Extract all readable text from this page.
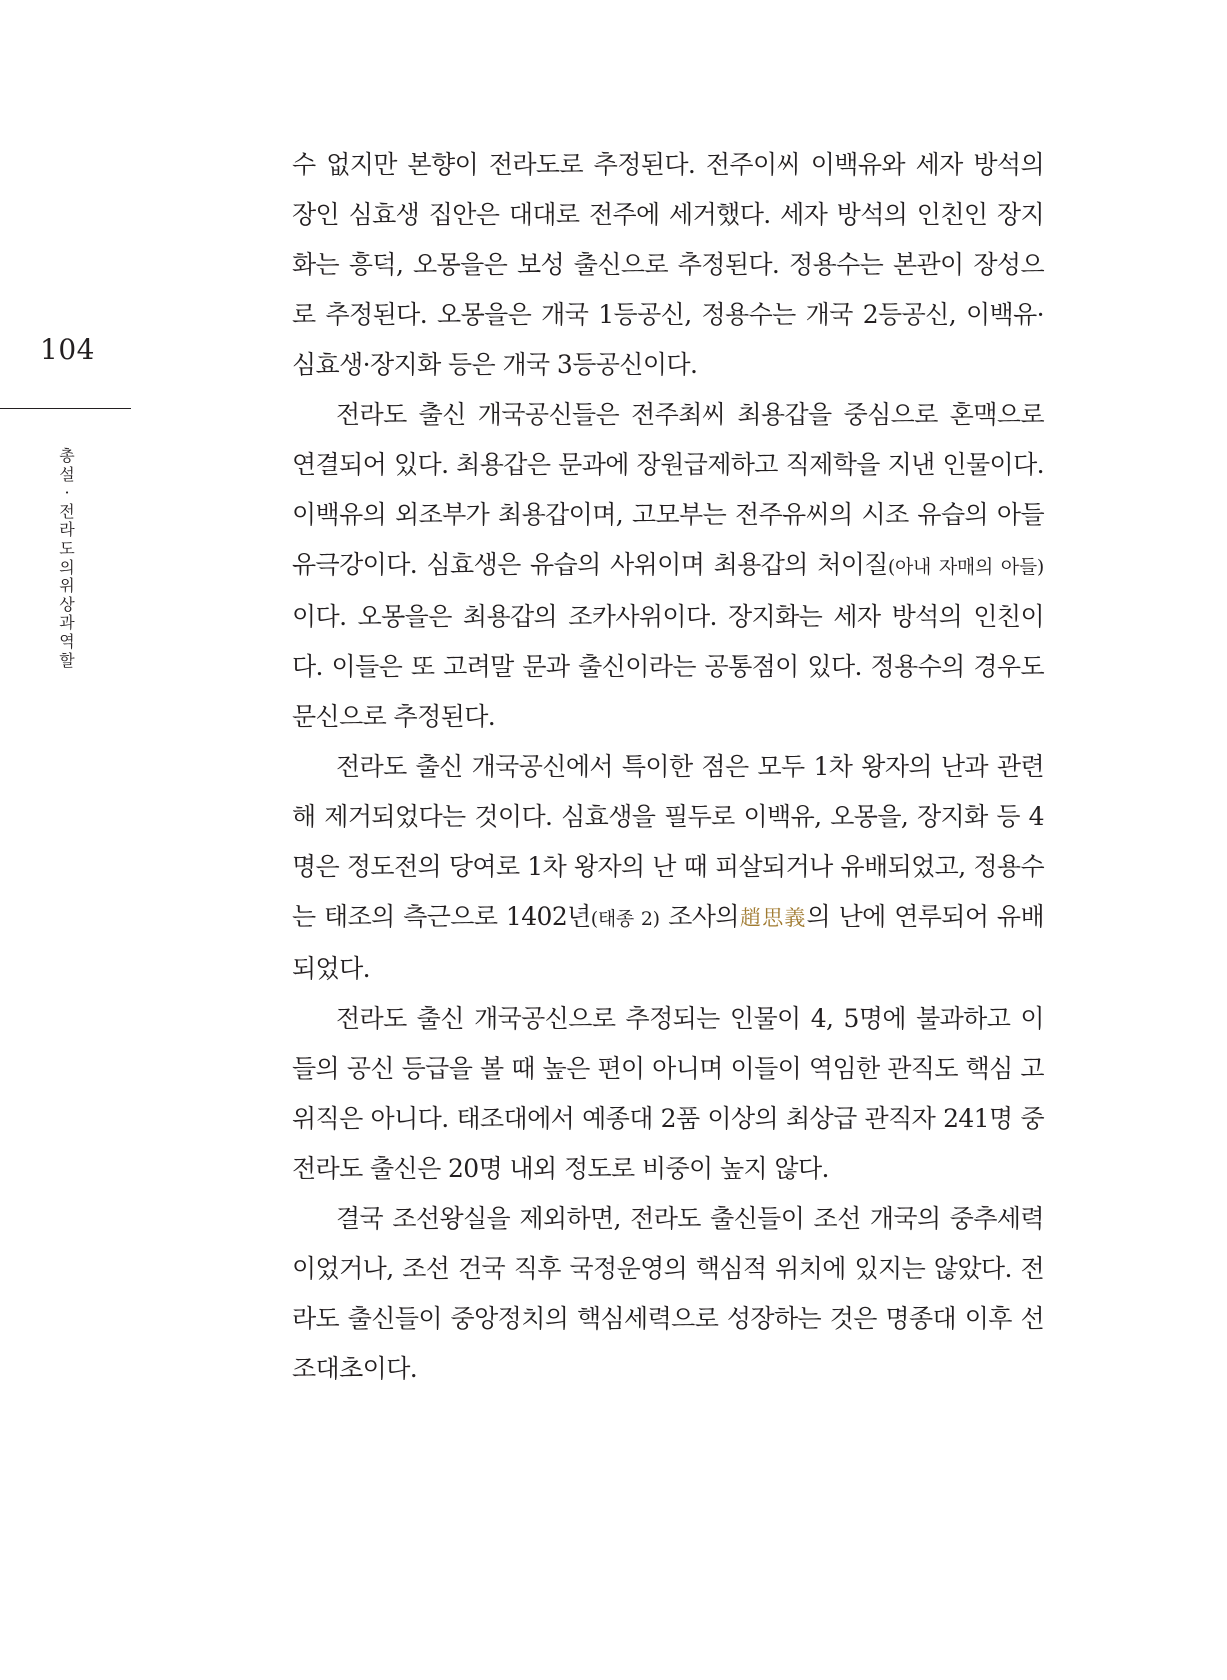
104
총
설
·
전
라
도
의
위
상
과
역
할

수 없지만 본향이 전라도로 추정된다. 전주이씨 이백유와 세자 방석의 장인 심효생 집안은 대대로 전주에 세거했다. 세자 방석의 인친인 장지화는 흥덕, 오몽을은 보성 출신으로 추정된다. 정용수는 본관이 장성으로 추정된다. 오몽을은 개국 1등공신, 정용수는 개국 2등공신, 이백유·심효생·장지화 등은 개국 3등공신이다.

전라도 출신 개국공신들은 전주최씨 최용갑을 중심으로 혼맥으로 연결되어 있다. 최용갑은 문과에 장원급제하고 직제학을 지낸 인물이다. 이백유의 외조부가 최용갑이며, 고모부는 전주유씨의 시조 유습의 아들 유극강이다. 심효생은 유습의 사위이며 최용갑의 처이질(아내 자매의 아들)이다. 오몽을은 최용갑의 조카사위이다. 장지화는 세자 방석의 인친이다. 이들은 또 고려말 문과 출신이라는 공통점이 있다. 정용수의 경우도 문신으로 추정된다.

전라도 출신 개국공신에서 특이한 점은 모두 1차 왕자의 난과 관련해 제거되었다는 것이다. 심효생을 필두로 이백유, 오몽을, 장지화 등 4명은 정도전의 당여로 1차 왕자의 난 때 피살되거나 유배되었고, 정용수는 태조의 측근으로 1402년(태종 2) 조사의趙思義의 난에 연루되어 유배되었다.

전라도 출신 개국공신으로 추정되는 인물이 4, 5명에 불과하고 이들의 공신 등급을 볼 때 높은 편이 아니며 이들이 역임한 관직도 핵심 고위직은 아니다. 태조대에서 예종대 2품 이상의 최상급 관직자 241명 중 전라도 출신은 20명 내외 정도로 비중이 높지 않다.

결국 조선왕실을 제외하면, 전라도 출신들이 조선 개국의 중추세력이었거나, 조선 건국 직후 국정운영의 핵심적 위치에 있지는 않았다. 전라도 출신들이 중앙정치의 핵심세력으로 성장하는 것은 명종대 이후 선조대초이다.
